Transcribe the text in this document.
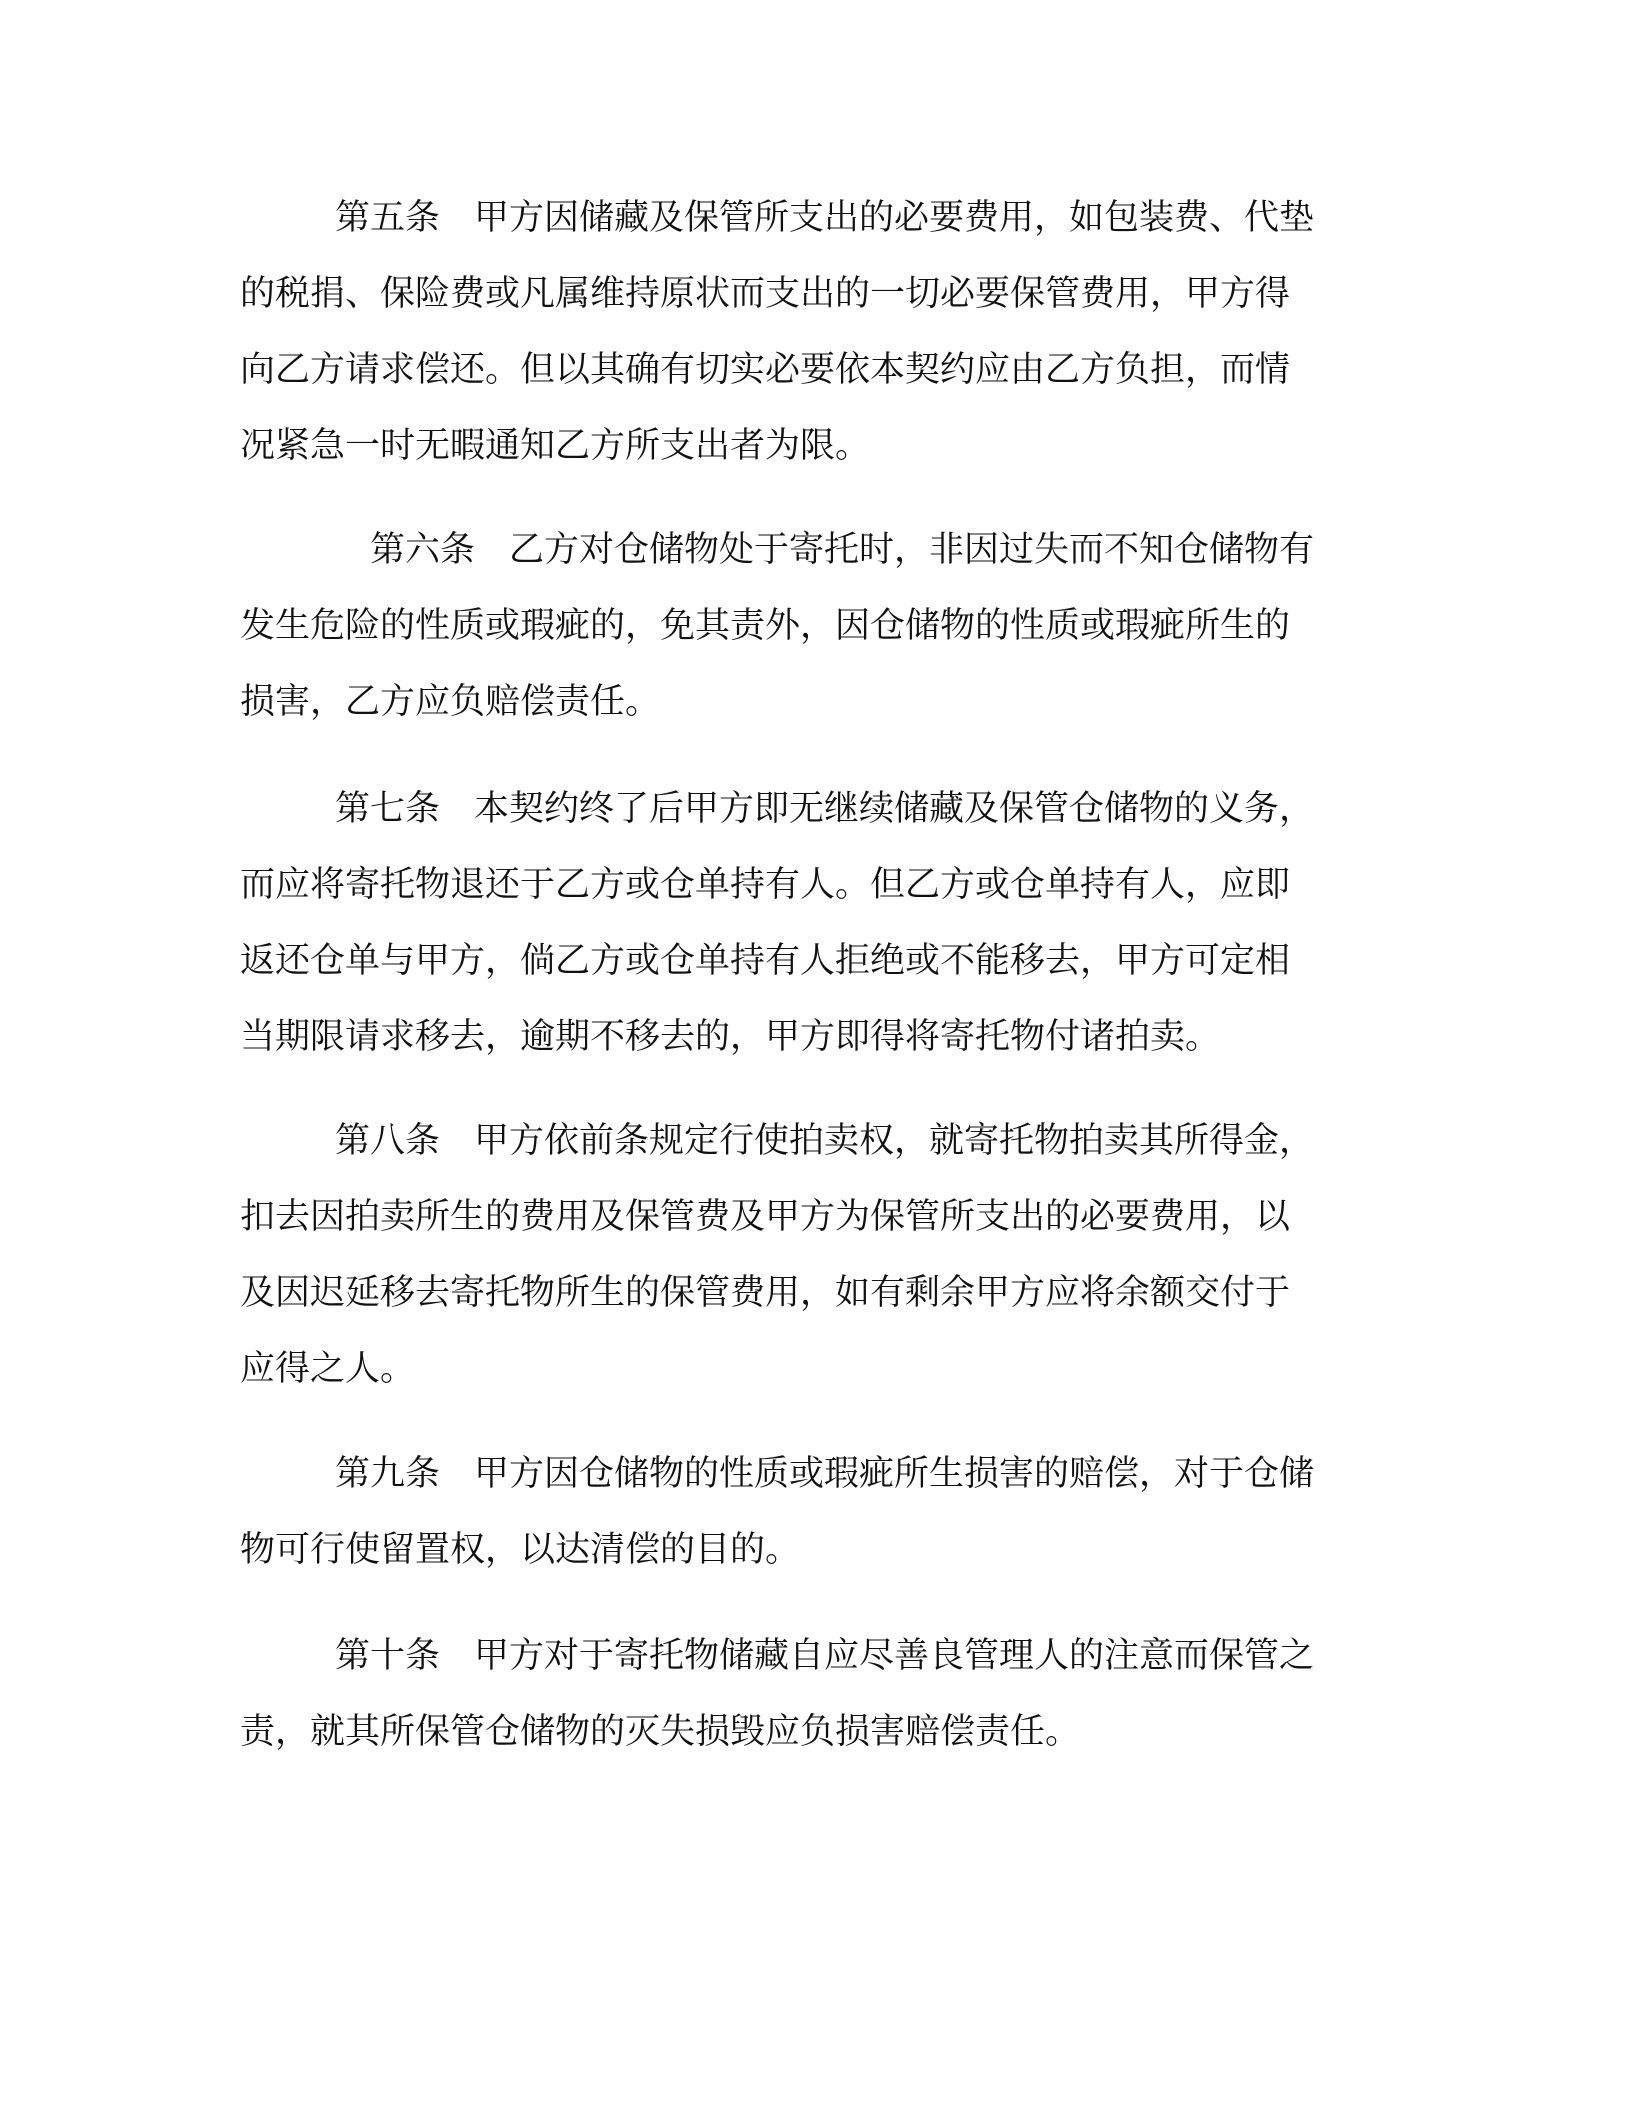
第五条 甲方因储藏及保管所支出的必要费用，如包装费、代垫
的税捐、保险费或凡属维持原状而支出的一切必要保管费用，甲方得
向乙方请求偿还。但以其确有切实必要依本契约应由乙方负担，而情
况紧急一时无暇通知乙方所支出者为限。

第六条 乙方对仓储物处于寄托时，非因过失而不知仓储物有
发生危险的性质或瑕疵的，免其责外，因仓储物的性质或瑕疵所生的
损害，乙方应负赔偿责任。

第七条 本契约终了后甲方即无继续储藏及保管仓储物的义务，
而应将寄托物退还于乙方或仓单持有人。但乙方或仓单持有人，应即
返还仓单与甲方，倘乙方或仓单持有人拒绝或不能移去，甲方可定相
当期限请求移去，逾期不移去的，甲方即得将寄托物付诸拍卖。

第八条 甲方依前条规定行使拍卖权，就寄托物拍卖其所得金，
扣去因拍卖所生的费用及保管费及甲方为保管所支出的必要费用，以
及因迟延移去寄托物所生的保管费用，如有剩余甲方应将余额交付于
应得之人。

第九条 甲方因仓储物的性质或瑕疵所生损害的赔偿，对于仓储
物可行使留置权，以达清偿的目的。

第十条 甲方对于寄托物储藏自应尽善良管理人的注意而保管之
责，就其所保管仓储物的灭失损毁应负损害赔偿责任。
